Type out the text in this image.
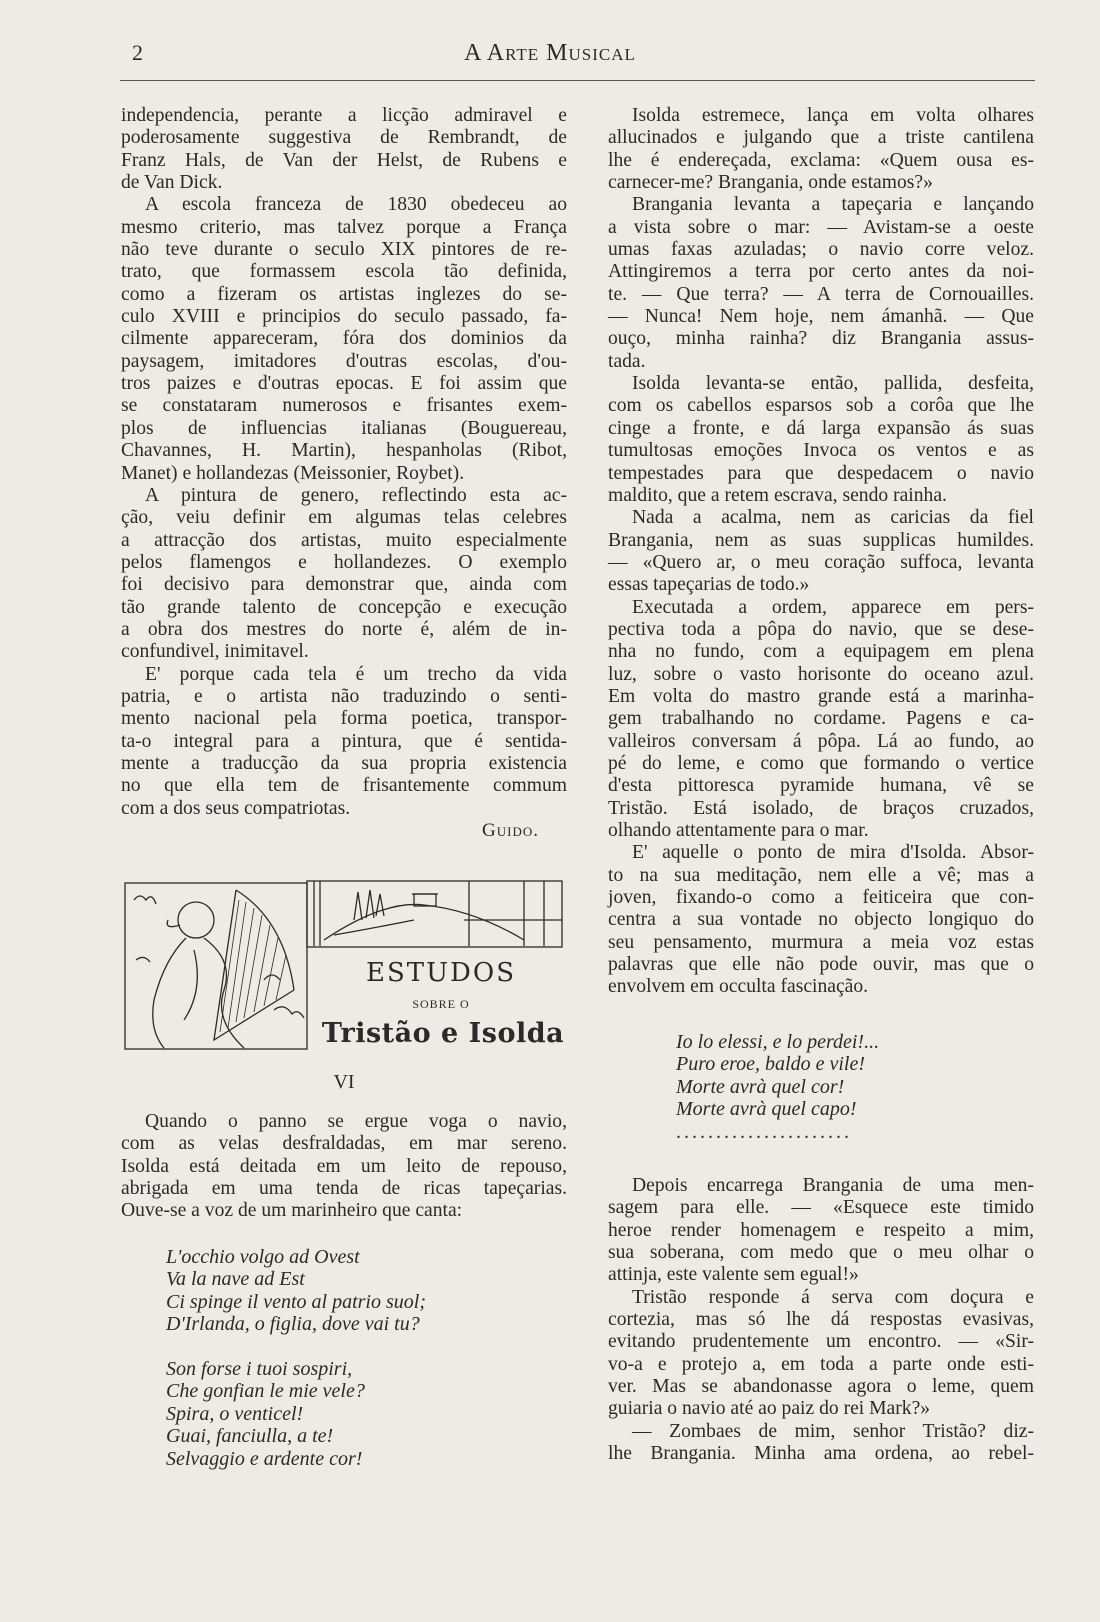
2	A Arte Musical
independencia, perante a licção admiravel e
poderosamente suggestiva de Rembrandt, de
Franz Hals, de Van der Helst, de Rubens e
de Van Dick.
A escola franceza de 1830 obedeceu ao
mesmo criterio, mas talvez porque a França
não teve durante o seculo XIX pintores de re-
trato, que formassem escola tão definida,
como a fizeram os artistas inglezes do se-
culo XVIII e principios do seculo passado, fa-
cilmente appareceram, fóra dos dominios da
paysagem, imitadores d'outras escolas, d'ou-
tros paizes e d'outras epocas. E foi assim que
se constataram numerosos e frisantes exem-
plos de influencias italianas (Bouguereau,
Chavannes, H. Martin), hespanholas (Ribot,
Manet) e hollandezas (Meissonier, Roybet).
A pintura de genero, reflectindo esta ac-
ção, veiu definir em algumas telas celebres
a attracção dos artistas, muito especialmente
pelos flamengos e hollandezes. O exemplo
foi decisivo para demonstrar que, ainda com
tão grande talento de concepção e execução
a obra dos mestres do norte é, além de in-
confundivel, inimitavel.
E' porque cada tela é um trecho da vida
patria, e o artista não traduzindo o senti-
mento nacional pela forma poetica, transpor-
ta-o integral para a pintura, que é sentida-
mente a traducção da sua propria existencia
no que ella tem de frisantemente commum
com a dos seus compatriotas.
Guido.
ESTUDOS
SOBRE O
Tristão e Isolda
VI
Quando o panno se ergue voga o navio,
com as velas desfraldadas, em mar sereno.
Isolda está deitada em um leito de repouso,
abrigada em uma tenda de ricas tapeçarias.
Ouve-se a voz de um marinheiro que canta:
L'occhio volgo ad Ovest
Va la nave ad Est
Ci spinge il vento al patrio suol;
D'Irlanda, o figlia, dove vai tu?
Son forse i tuoi sospiri,
Che gonfian le mie vele?
Spira, o venticel!
Guai, fanciulla, a te!
Selvaggio e ardente cor!
Isolda estremece, lança em volta olhares
allucinados e julgando que a triste cantilena
lhe é endereçada, exclama: «Quem ousa es-
carnecer-me? Brangania, onde estamos?»
Brangania levanta a tapeçaria e lançando
a vista sobre o mar: — Avistam-se a oeste
umas faxas azuladas; o navio corre veloz.
Attingiremos a terra por certo antes da noi-
te. — Que terra? — A terra de Cornouailles.
— Nunca! Nem hoje, nem ámanhã. — Que
ouço, minha rainha? diz Brangania assus-
tada.
Isolda levanta-se então, pallida, desfeita,
com os cabellos esparsos sob a corôa que lhe
cinge a fronte, e dá larga expansão ás suas
tumultosas emoções Invoca os ventos e as
tempestades para que despedacem o navio
maldito, que a retem escrava, sendo rainha.
Nada a acalma, nem as caricias da fiel
Brangania, nem as suas supplicas humildes.
— «Quero ar, o meu coração suffoca, levanta
essas tapeçarias de todo.»
Executada a ordem, apparece em pers-
pectiva toda a pôpa do navio, que se dese-
nha no fundo, com a equipagem em plena
luz, sobre o vasto horisonte do oceano azul.
Em volta do mastro grande está a marinha-
gem trabalhando no cordame. Pagens e ca-
valleiros conversam á pôpa. Lá ao fundo, ao
pé do leme, e como que formando o vertice
d'esta pittoresca pyramide humana, vê se
Tristão. Está isolado, de braços cruzados,
olhando attentamente para o mar.
E' aquelle o ponto de mira d'Isolda. Absor-
to na sua meditação, nem elle a vê; mas a
joven, fixando-o como a feiticeira que con-
centra a sua vontade no objecto longiquo do
seu pensamento, murmura a meia voz estas
palavras que elle não pode ouvir, mas que o
envolvem em occulta fascinação.
Io lo elessi, e lo perdei!...
Puro eroe, baldo e vile!
Morte avrà quel cor!
Morte avrà quel capo!
......................
Depois encarrega Brangania de uma men-
sagem para elle. — «Esquece este timido
heroe render homenagem e respeito a mim,
sua soberana, com medo que o meu olhar o
attinja, este valente sem egual!»
Tristão responde á serva com doçura e
cortezia, mas só lhe dá respostas evasivas,
evitando prudentemente um encontro. — «Sir-
vo-a e protejo a, em toda a parte onde esti-
ver. Mas se abandonasse agora o leme, quem
guiaria o navio até ao paiz do rei Mark?»
— Zombaes de mim, senhor Tristão? diz-
lhe Brangania. Minha ama ordena, ao rebel-
